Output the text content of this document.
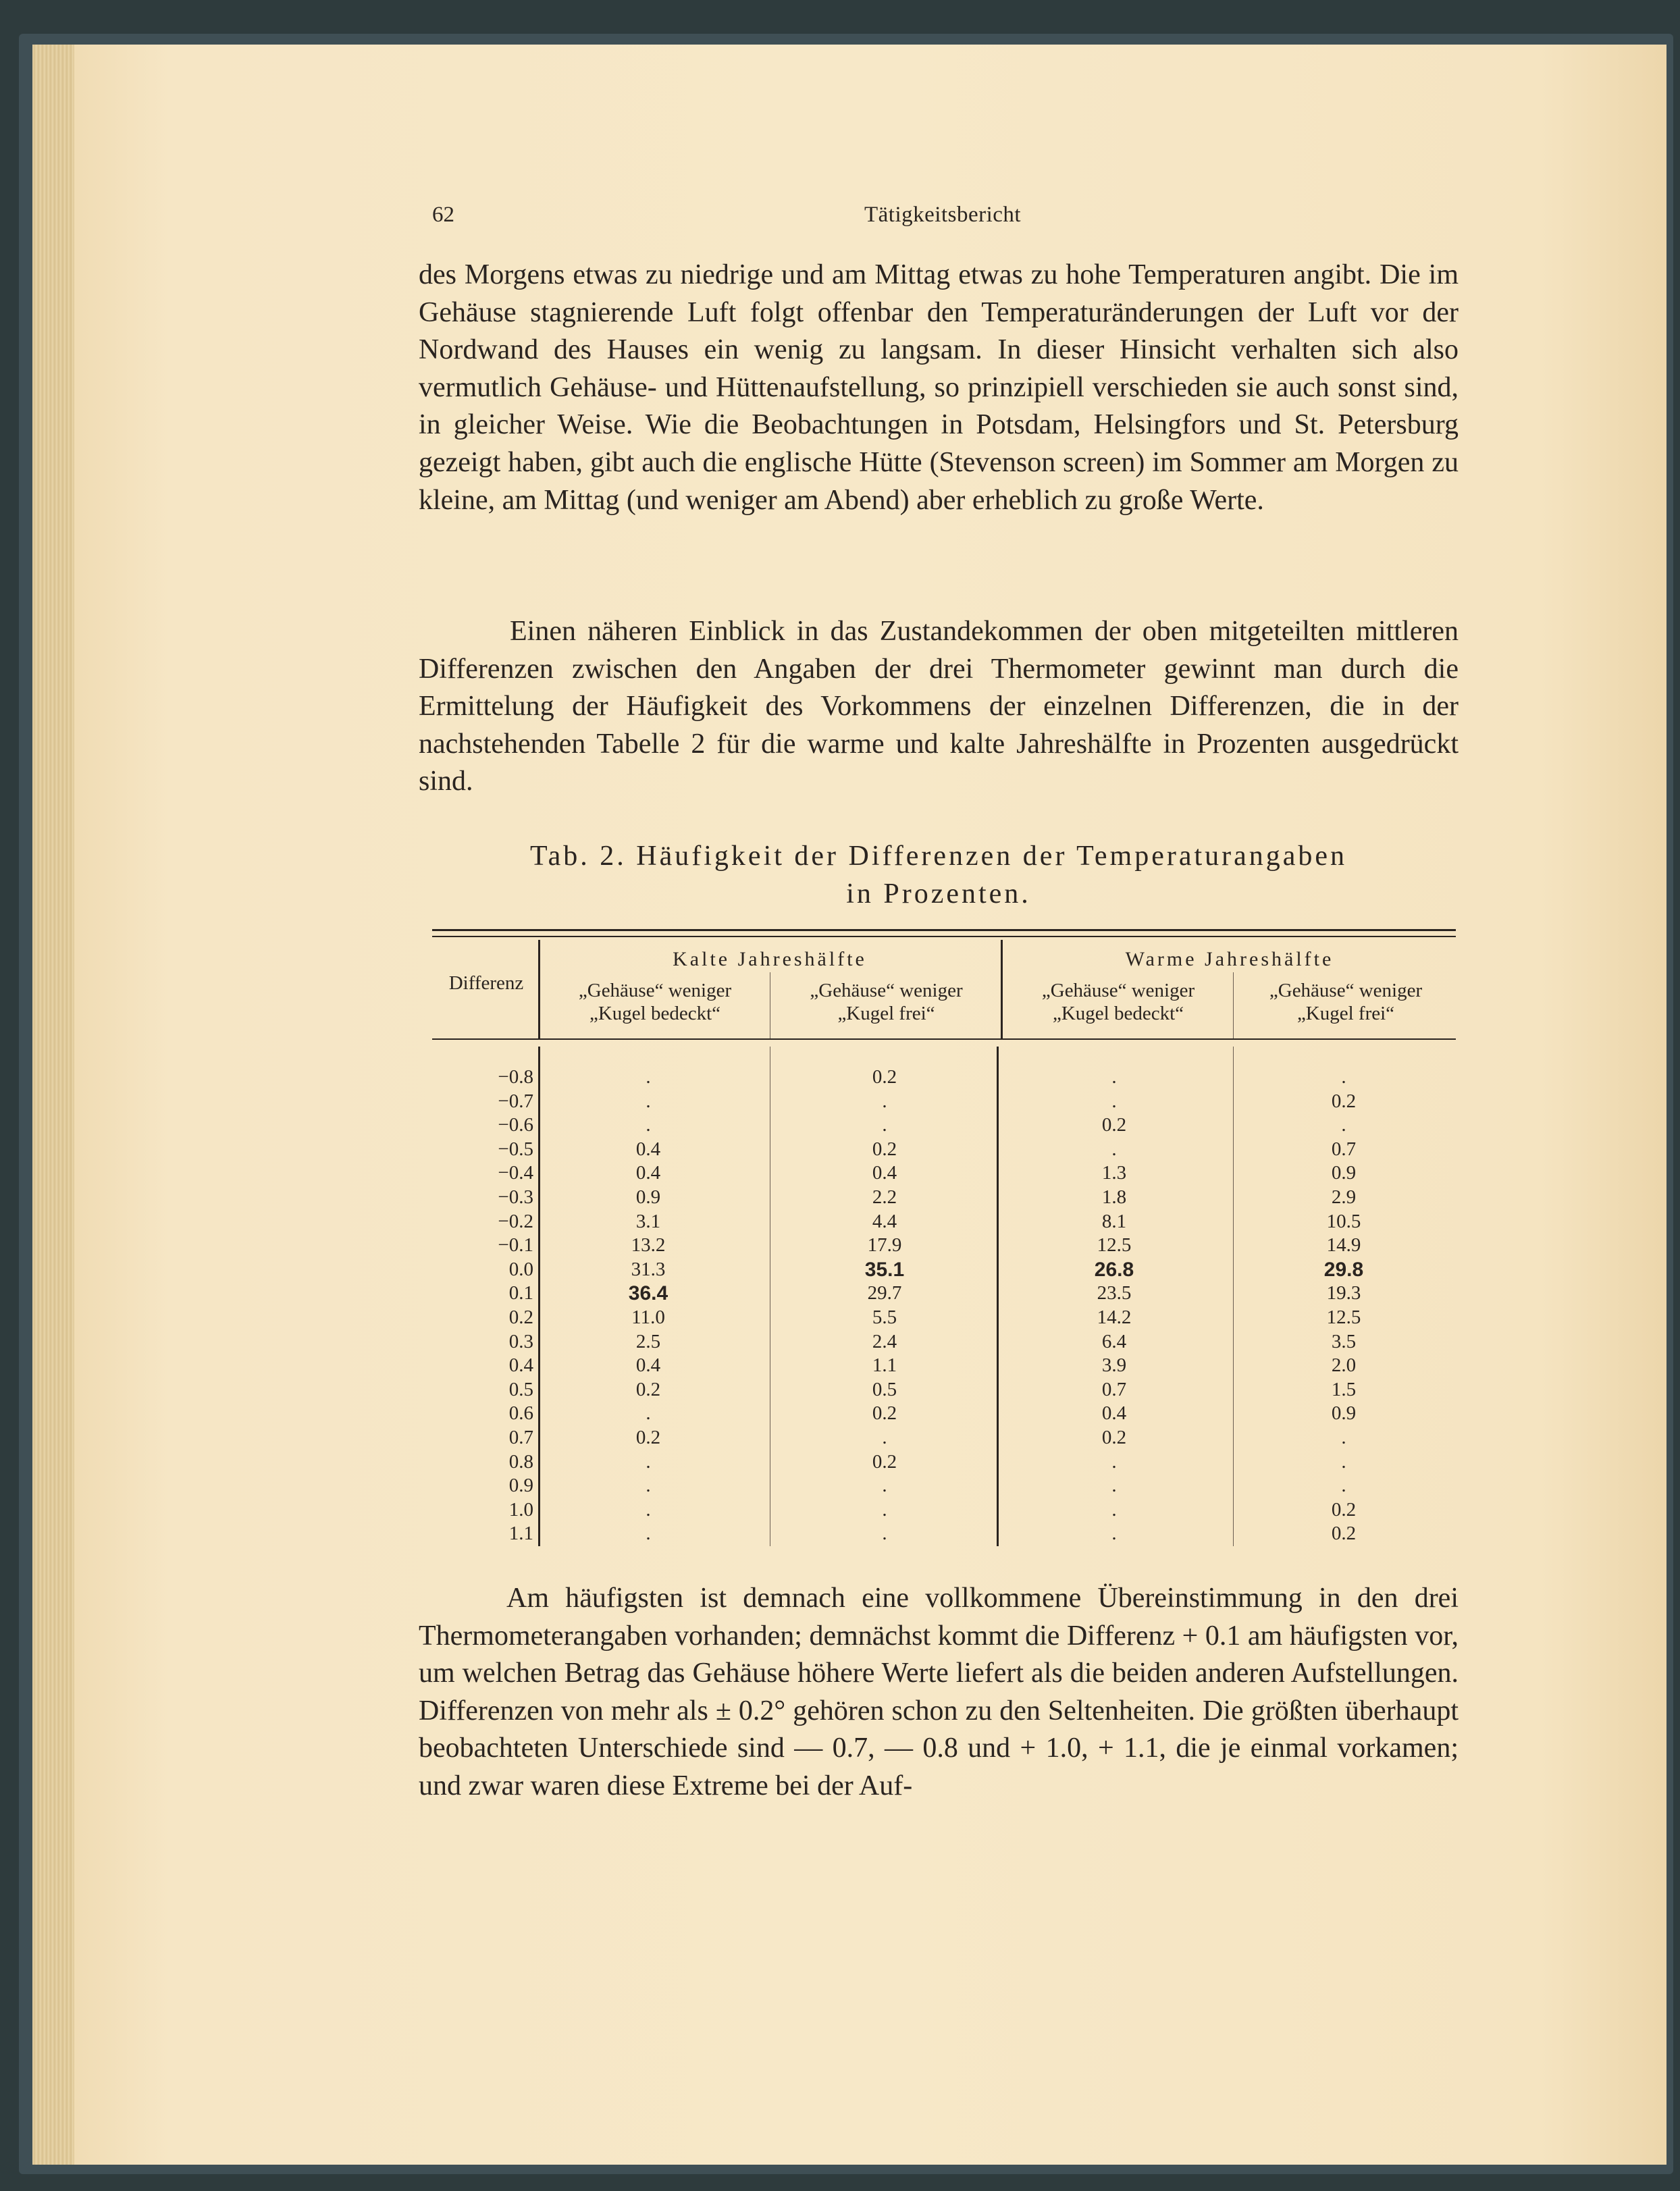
62	Tätigkeitsbericht
des Morgens etwas zu niedrige und am Mittag etwas zu hohe Temperaturen angibt. Die im Gehäuse stagnierende Luft folgt offenbar den Temperaturänderungen der Luft vor der Nordwand des Hauses ein wenig zu langsam. In dieser Hinsicht verhalten sich also vermutlich Gehäuse- und Hüttenaufstellung, so prinzipiell verschieden sie auch sonst sind, in gleicher Weise. Wie die Beobachtungen in Potsdam, Helsingfors und St. Petersburg gezeigt haben, gibt auch die englische Hütte (Stevenson screen) im Sommer am Morgen zu kleine, am Mittag (und weniger am Abend) aber erheblich zu große Werte.
Einen näheren Einblick in das Zustandekommen der oben mitgeteilten mittleren Differenzen zwischen den Angaben der drei Thermometer gewinnt man durch die Ermittelung der Häufigkeit des Vorkommens der einzelnen Differenzen, die in der nachstehenden Tabelle 2 für die warme und kalte Jahreshälfte in Prozenten ausgedrückt sind.
Tab. 2. Häufigkeit der Differenzen der Temperaturangaben
in Prozenten.
Differenz
Kalte Jahreshälfte	Warme Jahreshälfte
„Gehäuse“ weniger
„Kugel bedeckt“
„Gehäuse“ weniger
„Kugel frei“
„Gehäuse“ weniger
„Kugel bedeckt“
„Gehäuse“ weniger
„Kugel frei“
−0.8	.	0.2	.	.
−0.7	.	.	.	0.2
−0.6	.	.	0.2	.
−0.5	0.4	0.2	.	0.7
−0.4	0.4	0.4	1.3	0.9
−0.3	0.9	2.2	1.8	2.9
−0.2	3.1	4.4	8.1	10.5
−0.1	13.2	17.9	12.5	14.9
0.0	31.3	35.1	26.8	29.8
0.1	36.4	29.7	23.5	19.3
0.2	11.0	5.5	14.2	12.5
0.3	2.5	2.4	6.4	3.5
0.4	0.4	1.1	3.9	2.0
0.5	0.2	0.5	0.7	1.5
0.6	.	0.2	0.4	0.9
0.7	0.2	.	0.2	.
0.8	.	0.2	.	.
0.9	.	.	.	.
1.0	.	.	.	0.2
1.1	.	.	.	0.2
Am häufigsten ist demnach eine vollkommene Übereinstimmung in den drei Thermometerangaben vorhanden; demnächst kommt die Differenz + 0.1 am häufigsten vor, um welchen Betrag das Gehäuse höhere Werte liefert als die beiden anderen Aufstellungen. Differenzen von mehr als ± 0.2° gehören schon zu den Seltenheiten. Die größten überhaupt beobachteten Unterschiede sind — 0.7, — 0.8 und + 1.0, + 1.1, die je einmal vorkamen; und zwar waren diese Extreme bei der Auf-
